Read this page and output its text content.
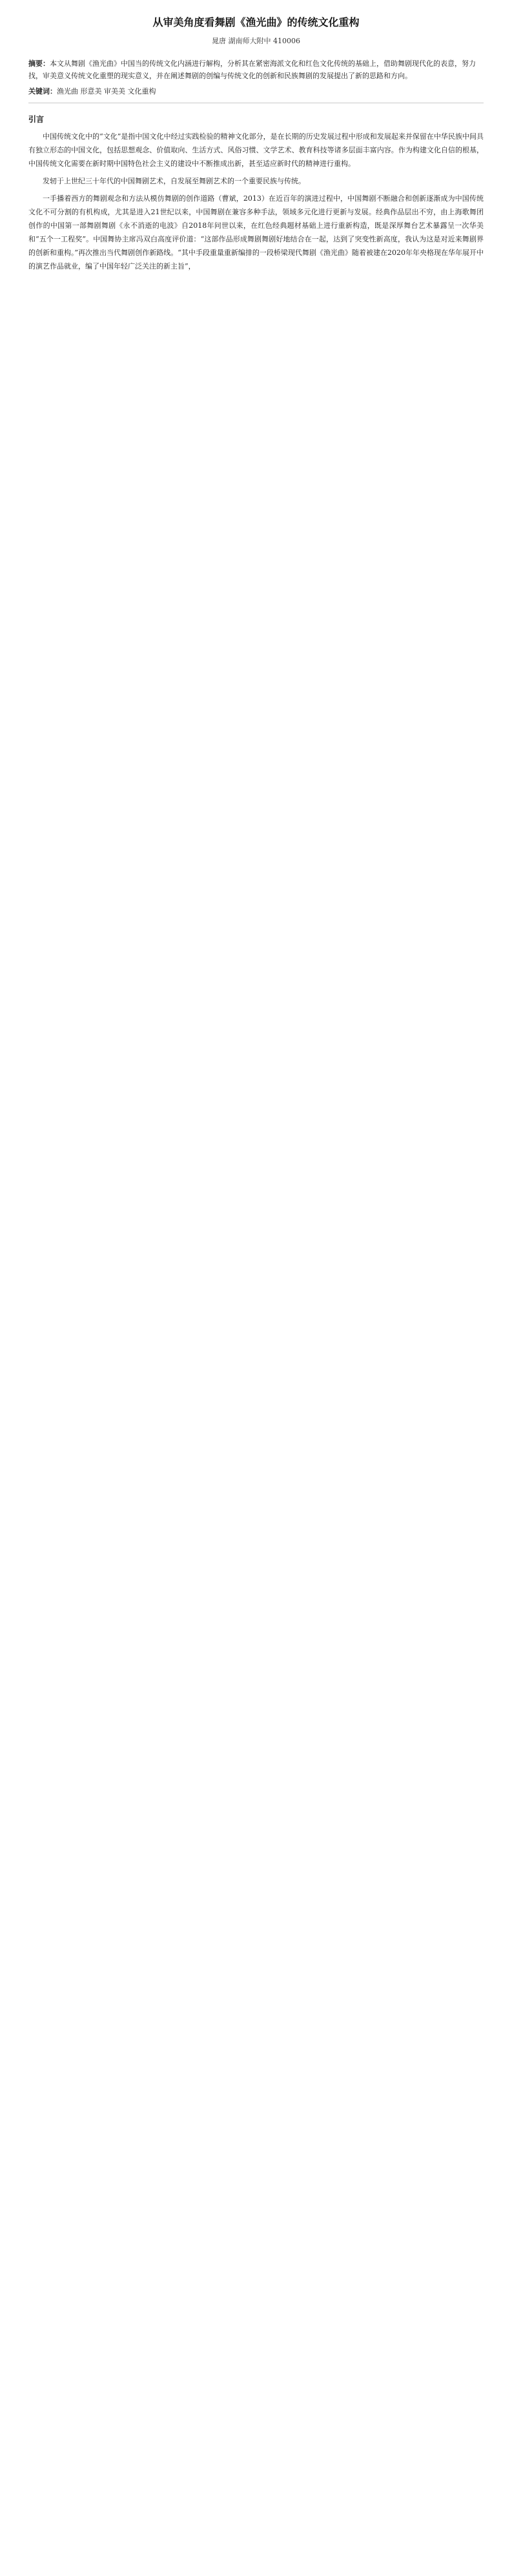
从审美角度看舞剧《渔光曲》的传统文化重构
晁唐 湖南师大附中 410006

摘要：本文从舞剧《渔光曲》中国当的传统文化内涵进行解构，分析其在紧密海派文化和红色文化传统的基础上，借助舞剧现代化的表意，努力找，审美意义传统文化重塑的现实意义，并在阐述舞剧的创编与传统文化的创新和民族舞剧的发展提出了新的思路和方向。

关键词：渔光曲 形意美 审美美 文化重构

引言

中国传统文化中的“文化”是指中国文化中经过实践检验的精神文化部分，是在长期的历史发展过程中形成和发展起来并保留在中华民族中间具有独立形态的中国文化，包括思想观念、价值取向、生活方式、风俗习惯、文学艺术、教育科技等诸多层面丰富内容。作为构建文化自信的根基，中国传统文化需要在新时期中国特色社会主义的建设中不断推成出新，甚至适应新时代的精神进行重构。

发轫于上世纪三十年代的中国舞剧艺术，自发展至舞剧艺术的一个重要民族与传统。

一手播着西方的舞剧观念和方法从模仿舞剧的创作道路（曹斌，2013）在近百年的演进过程中，中国舞剧不断融合和创新逐渐成为中国传统文化不可分割的有机构成，尤其是进入21世纪以来，中国舞剧在兼容多种手法，领域多元化进行更新与发展。经典作品层出不穷，由上海歌舞团创作的中国第一部舞剧舞剧《永不消逝的电波》自2018年问世以来，在红色经典题材基础上进行重新构造，既是深厚舞台艺术暴露呈一次华美和“五个一工程奖”。中国舞协主席冯双白高度评价道：“这部作品形成舞剧舞剧好地结合在一起，达到了突变性新高度，我认为这是对近来舞剧界的创新和重构。”再次推出当代舞剧创作新路线。“其中手段重量重新编排的一段桥梁现代舞剧《渔光曲》随着被建在2020年年央格现在华年展开中的演艺作品就业，编了中国年轻广泛关注的新主旨”，
